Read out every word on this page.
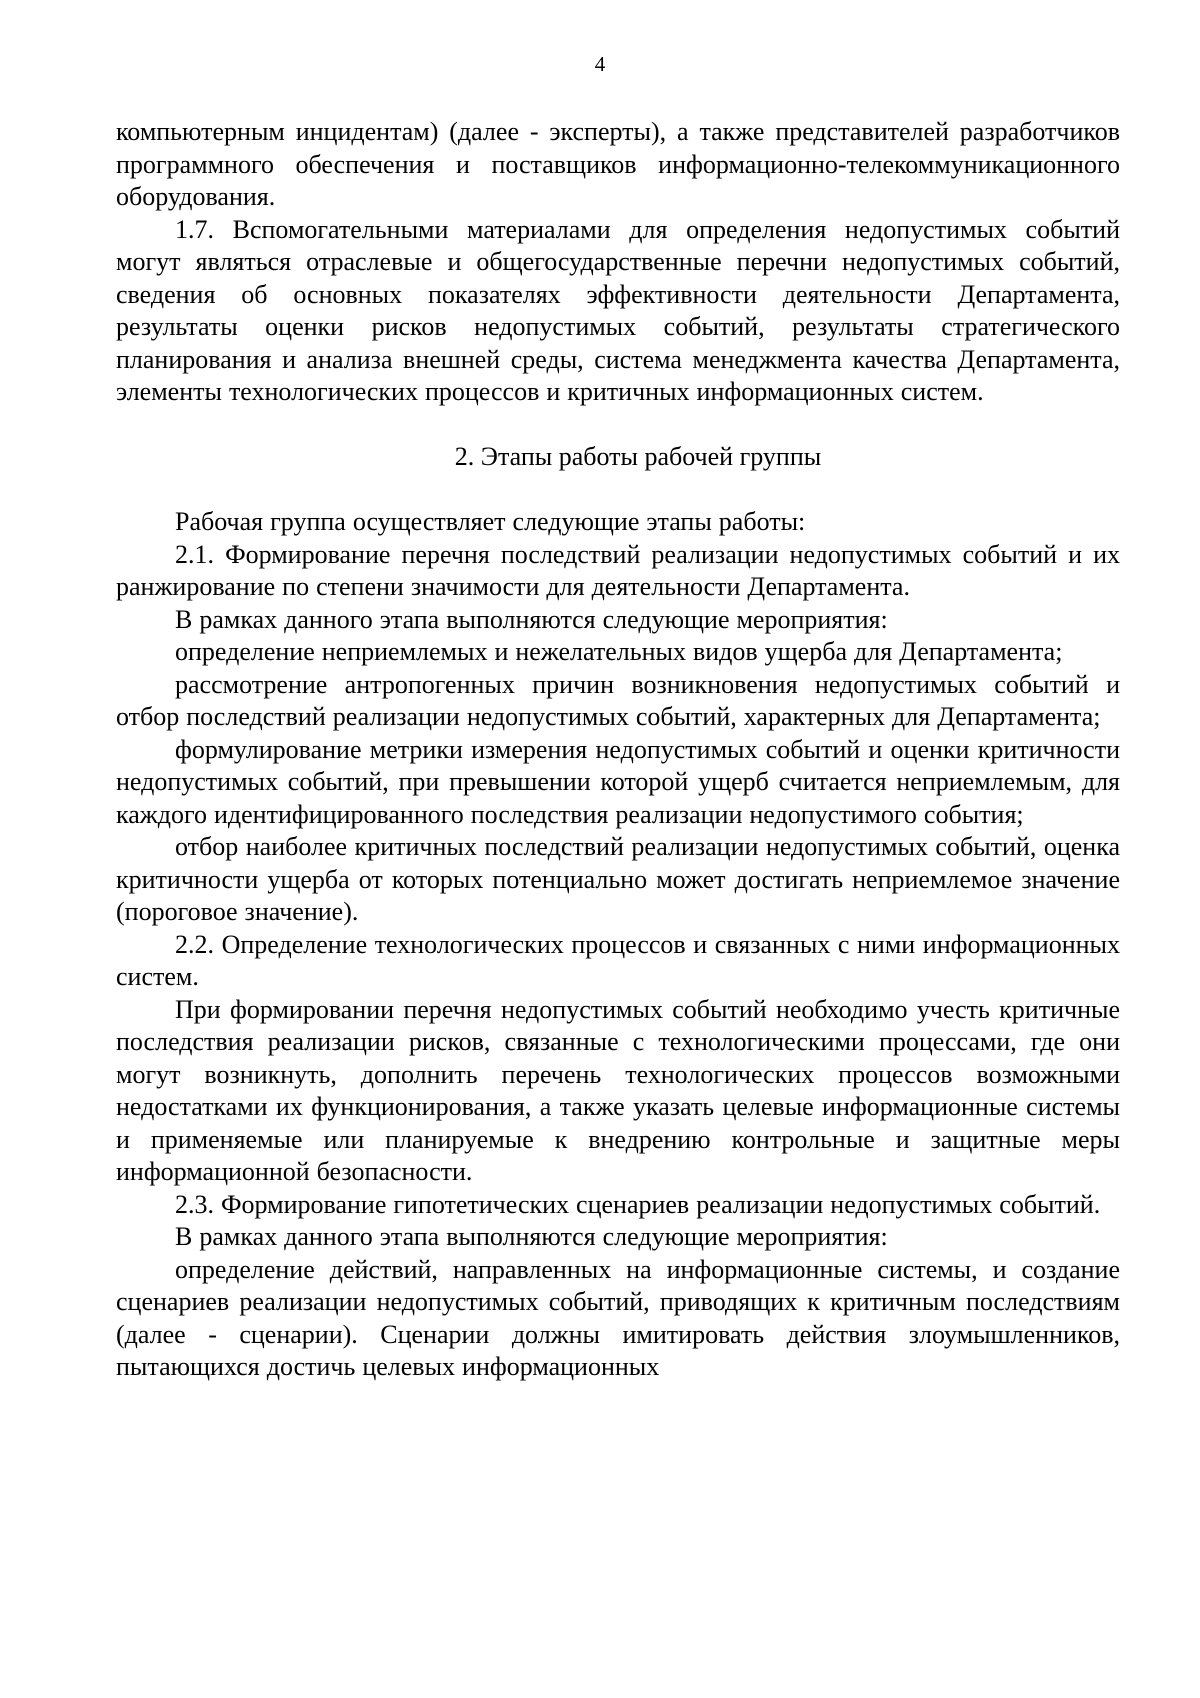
4

компьютерным инцидентам) (далее - эксперты), а также представителей разработчиков программного обеспечения и поставщиков информационно-телекоммуникационного оборудования.

1.7. Вспомогательными материалами для определения недопустимых событий могут являться отраслевые и общегосударственные перечни недопустимых событий, сведения об основных показателях эффективности деятельности Департамента, результаты оценки рисков недопустимых событий, результаты стратегического планирования и анализа внешней среды, система менеджмента качества Департамента, элементы технологических процессов и критичных информационных систем.

2. Этапы работы рабочей группы

Рабочая группа осуществляет следующие этапы работы:

2.1. Формирование перечня последствий реализации недопустимых событий и их ранжирование по степени значимости для деятельности Департамента.

В рамках данного этапа выполняются следующие мероприятия:

определение неприемлемых и нежелательных видов ущерба для Департамента;

рассмотрение антропогенных причин возникновения недопустимых событий и отбор последствий реализации недопустимых событий, характерных для Департамента;

формулирование метрики измерения недопустимых событий и оценки критичности недопустимых событий, при превышении которой ущерб считается неприемлемым, для каждого идентифицированного последствия реализации недопустимого события;

отбор наиболее критичных последствий реализации недопустимых событий, оценка критичности ущерба от которых потенциально может достигать неприемлемое значение (пороговое значение).

2.2. Определение технологических процессов и связанных с ними информационных систем.

При формировании перечня недопустимых событий необходимо учесть критичные последствия реализации рисков, связанные с технологическими процессами, где они могут возникнуть, дополнить перечень технологических процессов возможными недостатками их функционирования, а также указать целевые информационные системы и применяемые или планируемые к внедрению контрольные и защитные меры информационной безопасности.

2.3. Формирование гипотетических сценариев реализации недопустимых событий.

В рамках данного этапа выполняются следующие мероприятия:

определение действий, направленных на информационные системы, и создание сценариев реализации недопустимых событий, приводящих к критичным последствиям (далее - сценарии). Сценарии должны имитировать действия злоумышленников, пытающихся достичь целевых информационных
